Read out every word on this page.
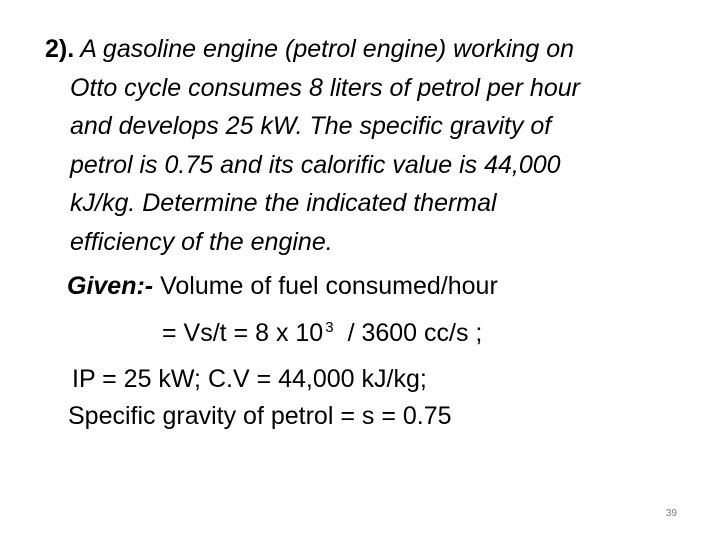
2). A gasoline engine (petrol engine) working on
Otto cycle consumes 8 liters of petrol per hour
and develops 25 kW. The specific gravity of
petrol is 0.75 and its calorific value is 44,000
kJ/kg. Determine the indicated thermal
efficiency of the engine.
Given:- Volume of fuel consumed/hour
= Vs/t = 8 x 10 $^3$ / 3600 cc/s ;
IP = 25 kW; C.V = 44,000 kJ/kg;
Specific gravity of petrol = s = 0.75
39
